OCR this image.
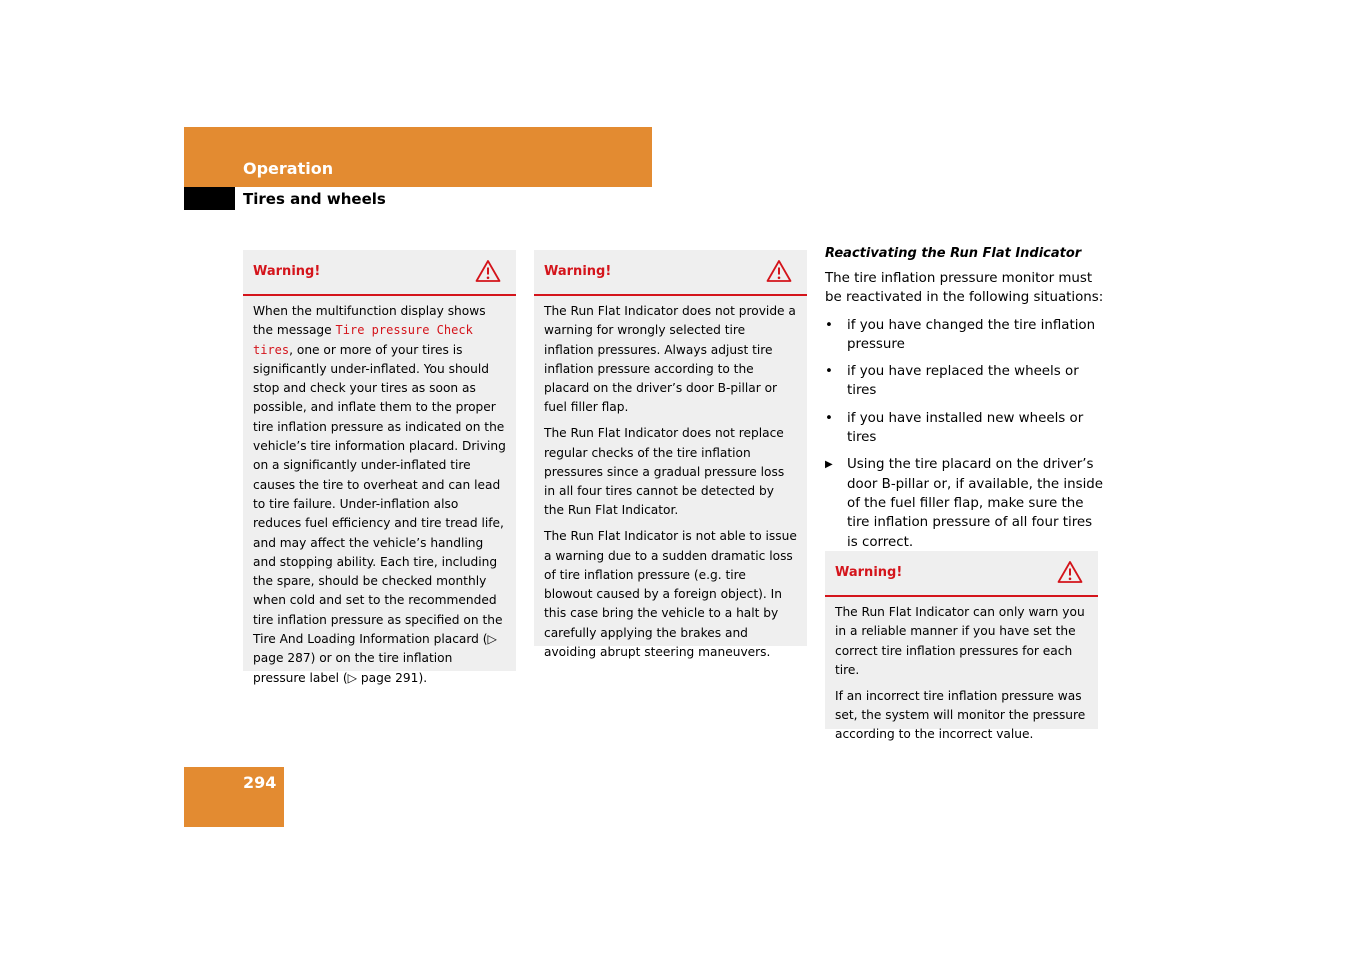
Operation
Tires and wheels
Warning!

When the multifunction display shows the message Tire pressure Check tires, one or more of your tires is significantly under-inflated. You should stop and check your tires as soon as possible, and inflate them to the proper tire inflation pressure as indicated on the vehicle’s tire information placard. Driving on a significantly under-inflated tire causes the tire to overheat and can lead to tire failure. Under-inflation also reduces fuel efficiency and tire tread life, and may affect the vehicle’s handling and stopping ability. Each tire, including the spare, should be checked monthly when cold and set to the recommended tire inflation pressure as specified on the Tire And Loading Information placard (▷ page 287) or on the tire inflation pressure label (▷ page 291).

Warning!

The Run Flat Indicator does not provide a warning for wrongly selected tire inflation pressures. Always adjust tire inflation pressure according to the placard on the driver’s door B-pillar or fuel filler flap.

The Run Flat Indicator does not replace regular checks of the tire inflation pressures since a gradual pressure loss in all four tires cannot be detected by the Run Flat Indicator.

The Run Flat Indicator is not able to issue a warning due to a sudden dramatic loss of tire inflation pressure (e.g. tire blowout caused by a foreign object). In this case bring the vehicle to a halt by carefully applying the brakes and avoiding abrupt steering maneuvers.

Reactivating the Run Flat Indicator

The tire inflation pressure monitor must be reactivated in the following situations:

• if you have changed the tire inflation pressure
• if you have replaced the wheels or tires
• if you have installed new wheels or tires
▶ Using the tire placard on the driver’s door B-pillar or, if available, the inside of the fuel filler flap, make sure the tire inflation pressure of all four tires is correct.
Warning!

The Run Flat Indicator can only warn you in a reliable manner if you have set the correct tire inflation pressures for each tire.

If an incorrect tire inflation pressure was set, the system will monitor the pressure according to the incorrect value.

294
